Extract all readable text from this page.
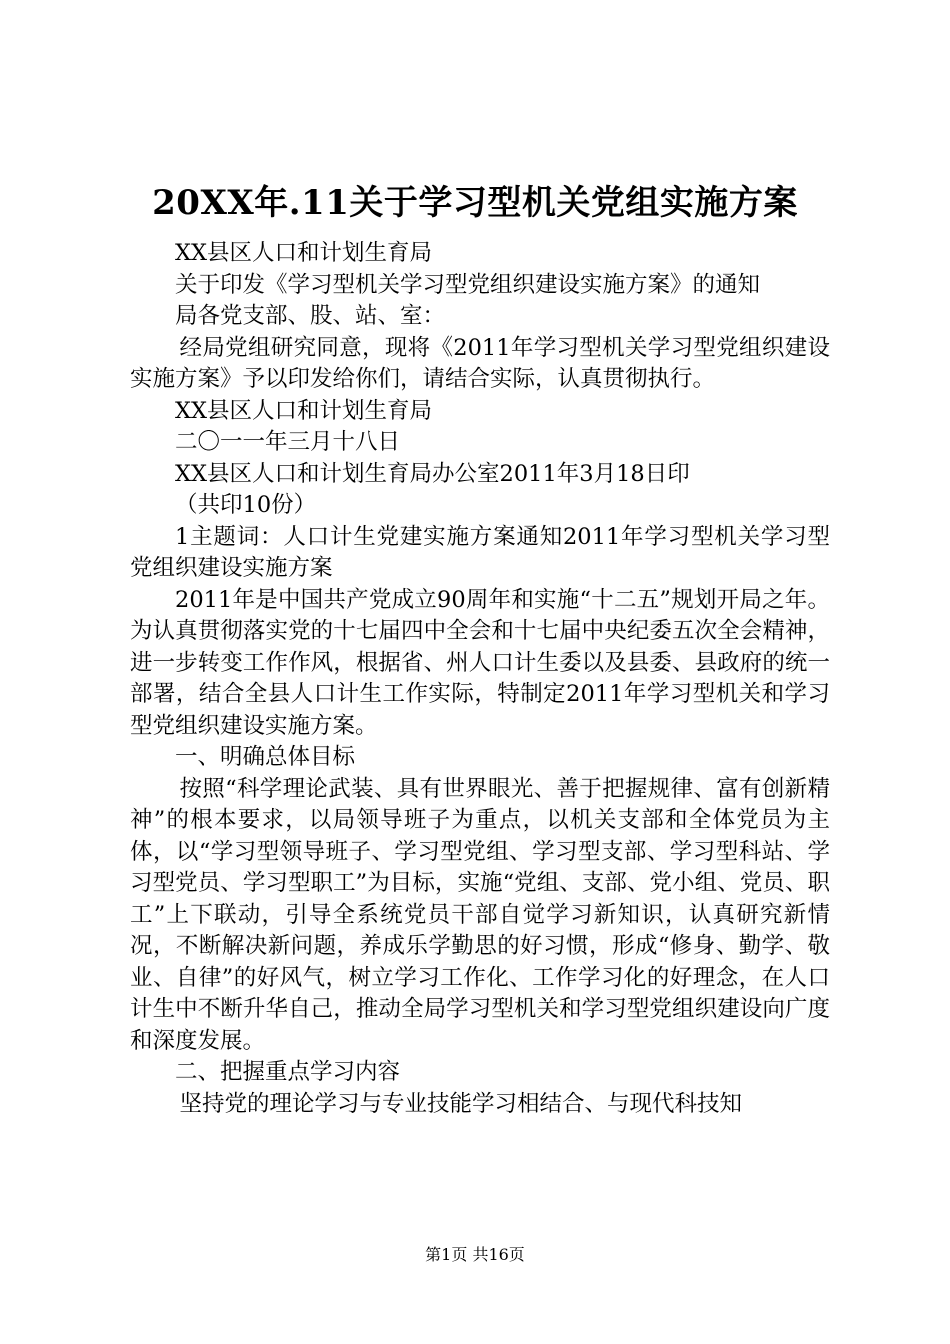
20XX年.11关于学习型机关党组实施方案

XX县区人口和计划生育局

关于印发《学习型机关学习型党组织建设实施方案》的通知

局各党支部、股、站、室：

经局党组研究同意，现将《2011年学习型机关学习型党组织建设实施方案》予以印发给你们，请结合实际，认真贯彻执行。

XX县区人口和计划生育局

二〇一一年三月十八日

XX县区人口和计划生育局办公室2011年3月18日印

（共印10份）

1主题词：人口计生党建实施方案通知2011年学习型机关学习型党组织建设实施方案

2011年是中国共产党成立90周年和实施“十二五”规划开局之年。为认真贯彻落实党的十七届四中全会和十七届中央纪委五次全会精神，进一步转变工作作风，根据省、州人口计生委以及县委、县政府的统一部署，结合全县人口计生工作实际，特制定2011年学习型机关和学习型党组织建设实施方案。

一、明确总体目标

按照“科学理论武装、具有世界眼光、善于把握规律、富有创新精神”的根本要求，以局领导班子为重点，以机关支部和全体党员为主体，以“学习型领导班子、学习型党组、学习型支部、学习型科站、学习型党员、学习型职工”为目标，实施“党组、支部、党小组、党员、职工”上下联动，引导全系统党员干部自觉学习新知识，认真研究新情况，不断解决新问题，养成乐学勤思的好习惯，形成“修身、勤学、敬业、自律”的好风气，树立学习工作化、工作学习化的好理念，在人口计生中不断升华自己，推动全局学习型机关和学习型党组织建设向广度和深度发展。

二、把握重点学习内容

坚持党的理论学习与专业技能学习相结合、与现代科技知

第1页 共16页
